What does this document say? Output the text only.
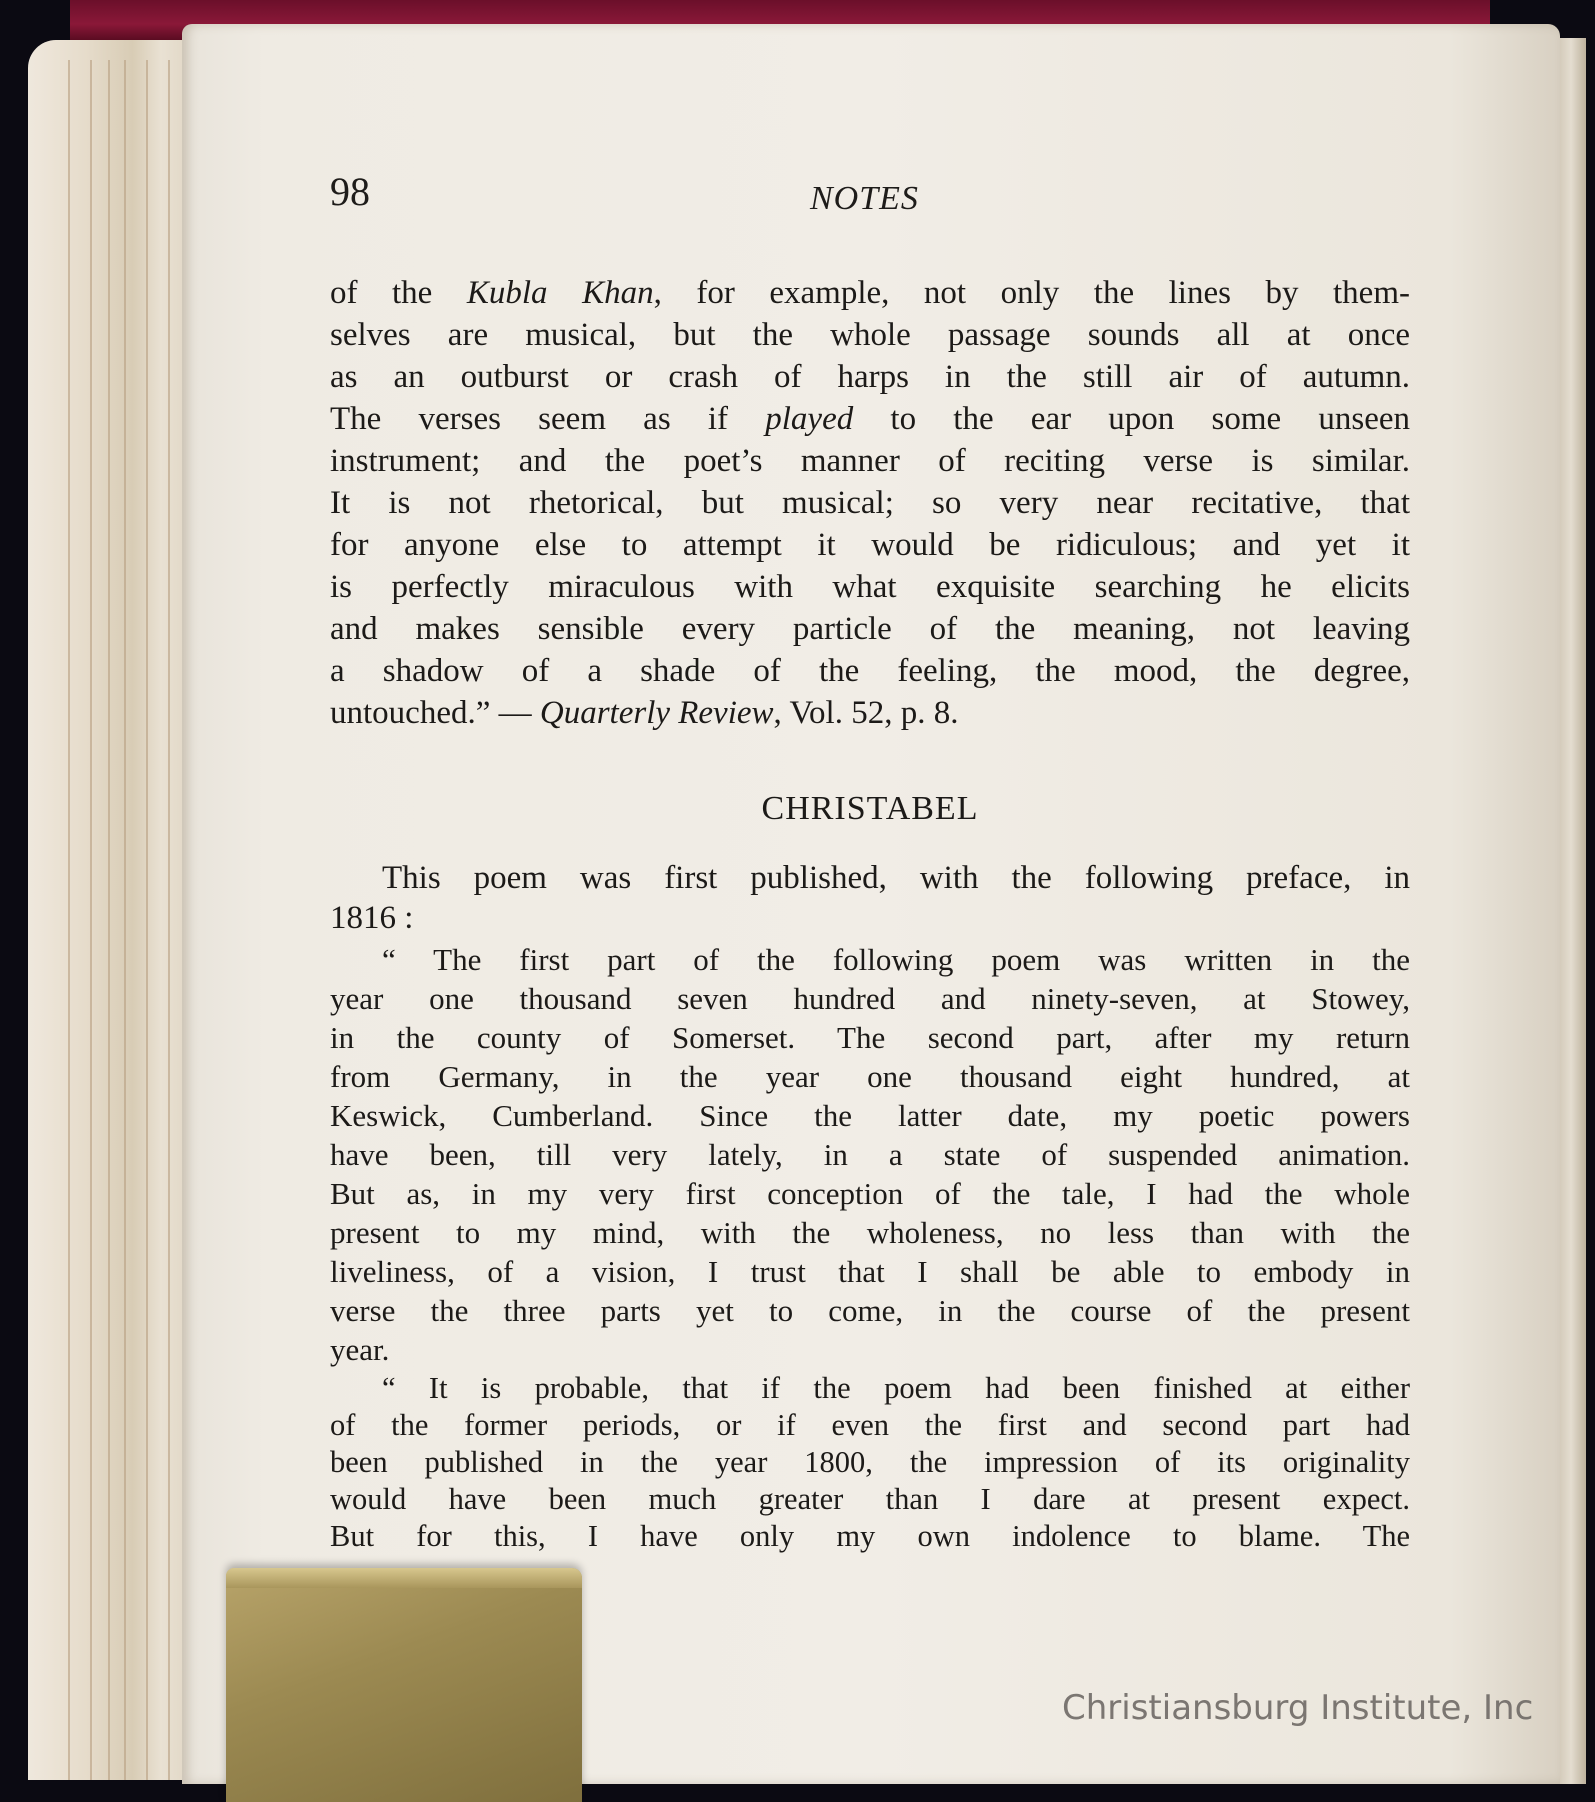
98	NOTES
of the Kubla Khan, for example, not only the lines by them-
selves are musical, but the whole passage sounds all at once
as an outburst or crash of harps in the still air of autumn.
The verses seem as if played to the ear upon some unseen
instrument; and the poet’s manner of reciting verse is similar.
It is not rhetorical, but musical; so very near recitative, that
for anyone else to attempt it would be ridiculous; and yet it
is perfectly miraculous with what exquisite searching he elicits
and makes sensible every particle of the meaning, not leaving
a shadow of a shade of the feeling, the mood, the degree,
untouched.” — Quarterly Review, Vol. 52, p. 8.
CHRISTABEL
This poem was first published, with the following preface, in
1816 :
“ The first part of the following poem was written in the
year one thousand seven hundred and ninety-seven, at Stowey,
in the county of Somerset. The second part, after my return
from Germany, in the year one thousand eight hundred, at
Keswick, Cumberland. Since the latter date, my poetic powers
have been, till very lately, in a state of suspended animation.
But as, in my very first conception of the tale, I had the whole
present to my mind, with the wholeness, no less than with the
liveliness, of a vision, I trust that I shall be able to embody in
verse the three parts yet to come, in the course of the present
year.
“ It is probable, that if the poem had been finished at either
of the former periods, or if even the first and second part had
been published in the year 1800, the impression of its originality
would have been much greater than I dare at present expect.
But for this, I have only my own indolence to blame. The
Christiansburg Institute, Inc
